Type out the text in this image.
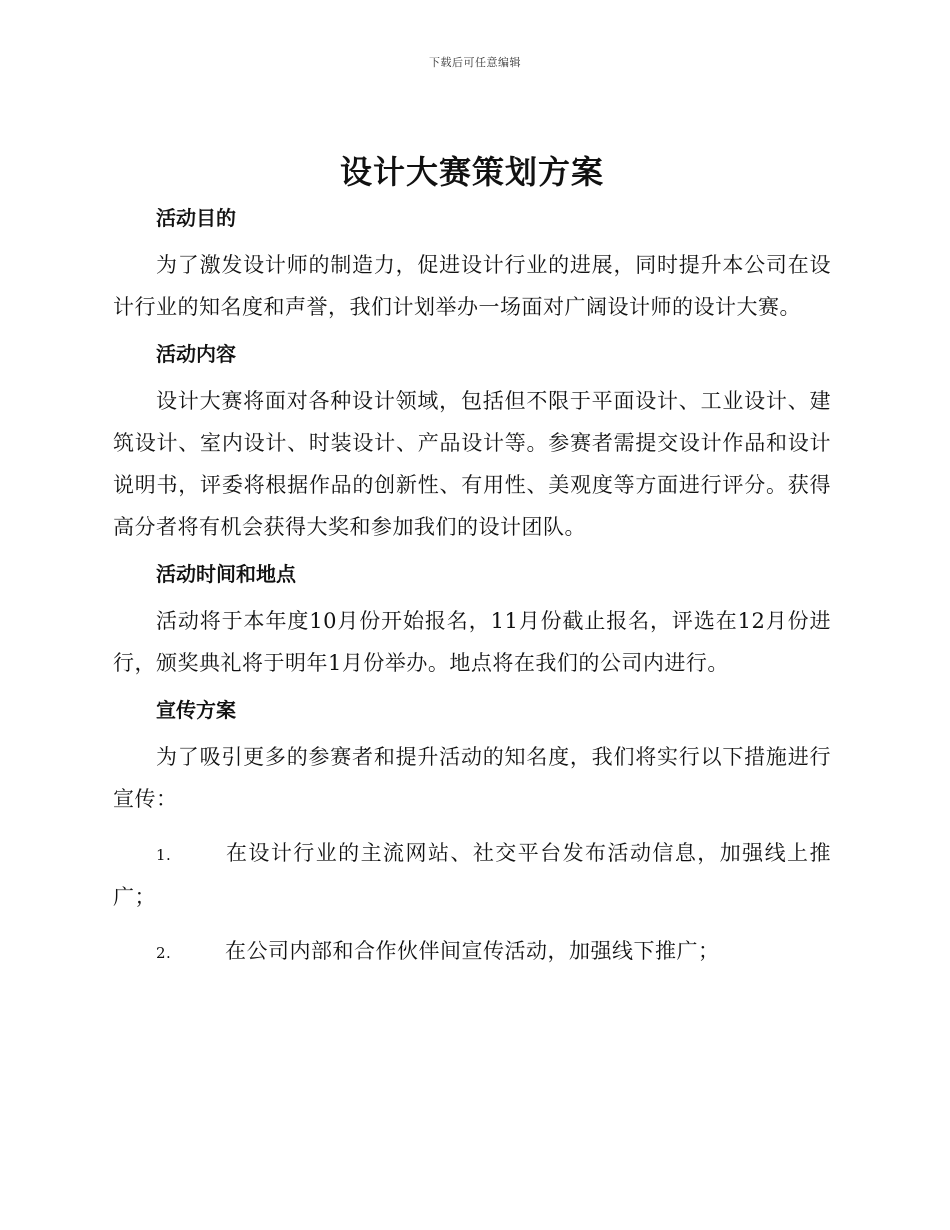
下载后可任意编辑
设计大赛策划方案
活动目的

为了激发设计师的制造力，促进设计行业的进展，同时提升本公司在设计行业的知名度和声誉，我们计划举办一场面对广阔设计师的设计大赛。

活动内容

设计大赛将面对各种设计领域，包括但不限于平面设计、工业设计、建筑设计、室内设计、时装设计、产品设计等。参赛者需提交设计作品和设计说明书，评委将根据作品的创新性、有用性、美观度等方面进行评分。获得高分者将有机会获得大奖和参加我们的设计团队。

活动时间和地点

活动将于本年度10月份开始报名，11月份截止报名，评选在12月份进行，颁奖典礼将于明年1月份举办。地点将在我们的公司内进行。

宣传方案

为了吸引更多的参赛者和提升活动的知名度，我们将实行以下措施进行宣传：

1.	在设计行业的主流网站、社交平台发布活动信息，加强线上推广；

2.	在公司内部和合作伙伴间宣传活动，加强线下推广；
